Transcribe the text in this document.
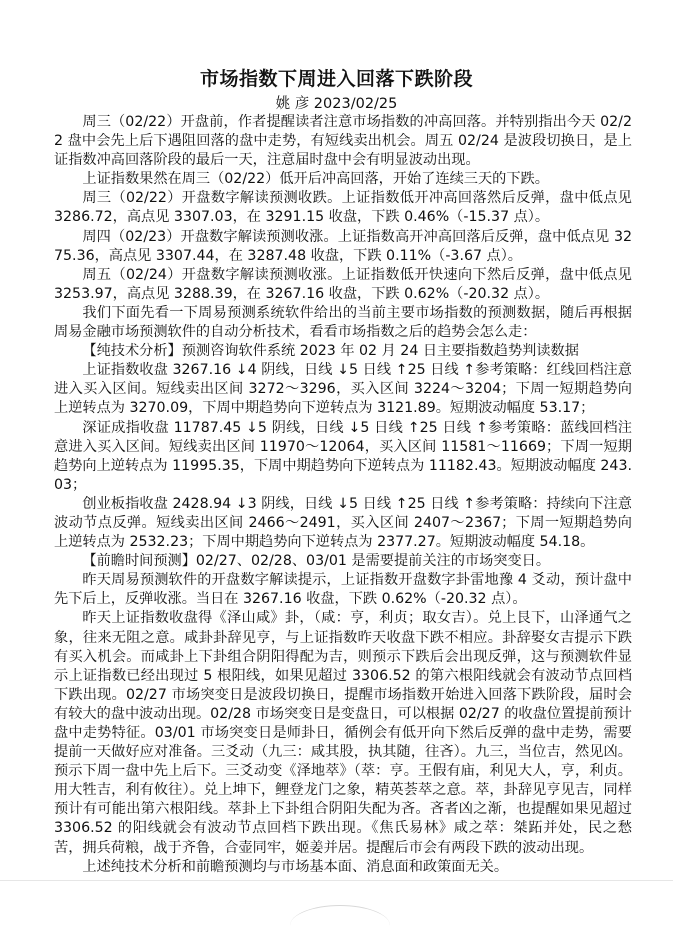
市场指数下周进入回落下跌阶段
姚 彦 2023/02/25

周三（02/22）开盘前，作者提醒读者注意市场指数的冲高回落。并特别指出今天 02/22 盘中会先上后下遇阻回落的盘中走势，有短线卖出机会。周五 02/24 是波段切换日，是上证指数冲高回落阶段的最后一天，注意届时盘中会有明显波动出现。

上证指数果然在周三（02/22）低开后冲高回落，开始了连续三天的下跌。

周三（02/22）开盘数字解读预测收跌。上证指数低开冲高回落然后反弹，盘中低点见 3286.72，高点见 3307.03，在 3291.15 收盘，下跌 0.46%（-15.37 点）。

周四（02/23）开盘数字解读预测收涨。上证指数高开冲高回落后反弹，盘中低点见 3275.36，高点见 3307.44，在 3287.48 收盘，下跌 0.11%（-3.67 点）。

周五（02/24）开盘数字解读预测收涨。上证指数低开快速向下然后反弹，盘中低点见 3253.97，高点见 3288.39，在 3267.16 收盘，下跌 0.62%（-20.32 点）。

我们下面先看一下周易预测系统软件给出的当前主要市场指数的预测数据，随后再根据周易金融市场预测软件的自动分析技术，看看市场指数之后的趋势会怎么走：

【纯技术分析】预测咨询软件系统 2023 年 02 月 24 日主要指数趋势判读数据

上证指数收盘 3267.16 ↓4 阴线，日线 ↓5 日线 ↑25 日线 ↑参考策略：红线回档注意进入买入区间。短线卖出区间 3272～3296，买入区间 3224～3204；下周一短期趋势向上逆转点为 3270.09，下周中期趋势向下逆转点为 3121.89。短期波动幅度 53.17；

深证成指收盘 11787.45 ↓5 阴线，日线 ↓5 日线 ↑25 日线 ↑参考策略：蓝线回档注意进入买入区间。短线卖出区间 11970～12064，买入区间 11581～11669；下周一短期趋势向上逆转点为 11995.35，下周中期趋势向下逆转点为 11182.43。短期波动幅度 243.03；

创业板指收盘 2428.94 ↓3 阴线，日线 ↓5 日线 ↑25 日线 ↑参考策略：持续向下注意波动节点反弹。短线卖出区间 2466～2491，买入区间 2407～2367；下周一短期趋势向上逆转点为 2532.23；下周中期趋势向下逆转点为 2377.27。短期波动幅度 54.18。

【前瞻时间预测】02/27、02/28、03/01 是需要提前关注的市场突变日。

昨天周易预测软件的开盘数字解读提示，上证指数开盘数字卦雷地豫 4 爻动，预计盘中先下后上，反弹收涨。当日在 3267.16 收盘，下跌 0.62%（-20.32 点）。

昨天上证指数收盘得《泽山咸》卦，（咸：亨，利贞；取女吉）。兑上艮下，山泽通气之象，往来无阻之意。咸卦卦辞见亨，与上证指数昨天收盘下跌不相应。卦辞娶女吉提示下跌有买入机会。而咸卦上下卦组合阴阳得配为吉，则预示下跌后会出现反弹，这与预测软件显示上证指数已经出现过 5 根阳线，如果见超过 3306.52 的第六根阳线就会有波动节点回档下跌出现。02/27 市场突变日是波段切换日，提醒市场指数开始进入回落下跌阶段，届时会有较大的盘中波动出现。02/28 市场突变日是变盘日，可以根据 02/27 的收盘位置提前预计盘中走势特征。03/01 市场突变日是师卦日，循例会有低开向下然后反弹的盘中走势，需要提前一天做好应对准备。三爻动（九三：咸其股，执其随，往吝）。九三，当位吉，然见凶。预示下周一盘中先上后下。三爻动变《泽地萃》（萃：亨。王假有庙，利见大人，亨，利贞。用大牲吉，利有攸往）。兑上坤下，鲤登龙门之象，精英荟萃之意。萃，卦辞见亨见吉，同样预计有可能出第六根阳线。萃卦上下卦组合阴阳失配为吝。吝者凶之渐，也提醒如果见超过 3306.52 的阳线就会有波动节点回档下跌出现。《焦氏易林》咸之萃：桀跖并处，民之愁苦，拥兵荷粮，战于齐鲁，合壶同牢，姬姜并居。提醒后市会有两段下跌的波动出现。

上述纯技术分析和前瞻预测均与市场基本面、消息面和政策面无关。
